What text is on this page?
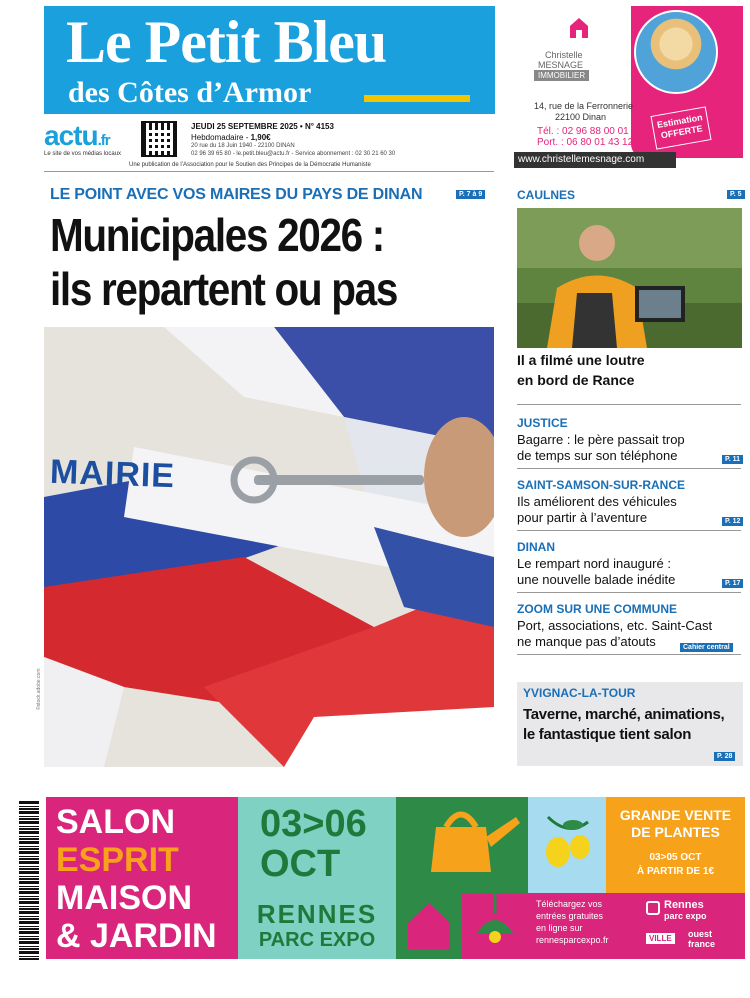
Le Petit Bleu
des Côtes d’Armor
actu.fr
Le site de vos médias locaux
JEUDI 25 SEPTEMBRE 2025 • N° 4153
Hebdomadaire - 1,90€
20 rue du 18 Juin 1940 - 22100 DINAN
02 96 39 65 80 - le.petit.bleu@actu.fr - Service abonnement : 02 30 21 60 30
Une publication de l’Association pour le Soutien des Principes de la Démocratie Humaniste
Christelle
MESNAGE
IMMOBILIER
14, rue de la Ferronnerie
22100 Dinan
Tél. : 02 96 88 00 01
Port. : 06 80 01 43 12
Estimation OFFERTE
www.christellemesnage.com
LE POINT AVEC VOS MAIRES DU PAYS DE DINAN	P. 7 à 9
Municipales 2026 :
ils repartent ou pas
MAIRIE
©stock.adobe.com
CAULNES	P. 5
Il a filmé une loutre
en bord de Rance
JUSTICE
Bagarre : le père passait trop
de temps sur son téléphone	P. 11
SAINT-SAMSON-SUR-RANCE
Ils améliorent des véhicules
pour partir à l’aventure	P. 12
DINAN
Le rempart nord inauguré :
une nouvelle balade inédite	P. 17
ZOOM SUR UNE COMMUNE
Port, associations, etc. Saint-Cast
ne manque pas d’atouts	Cahier central
YVIGNAC-LA-TOUR
Taverne, marché, animations,
le fantastique tient salon
P. 28
SALON
ESPRIT
MAISON
& JARDIN
03>06
OCT
GRANDE VENTE
DE PLANTES
03>05 OCT
À PARTIR DE 1€
RENNES
PARC EXPO
Téléchargez vos
entrées gratuites
en ligne sur
rennesparcexpo.fr
Rennes
parc expo
VILLE	ouest
france
